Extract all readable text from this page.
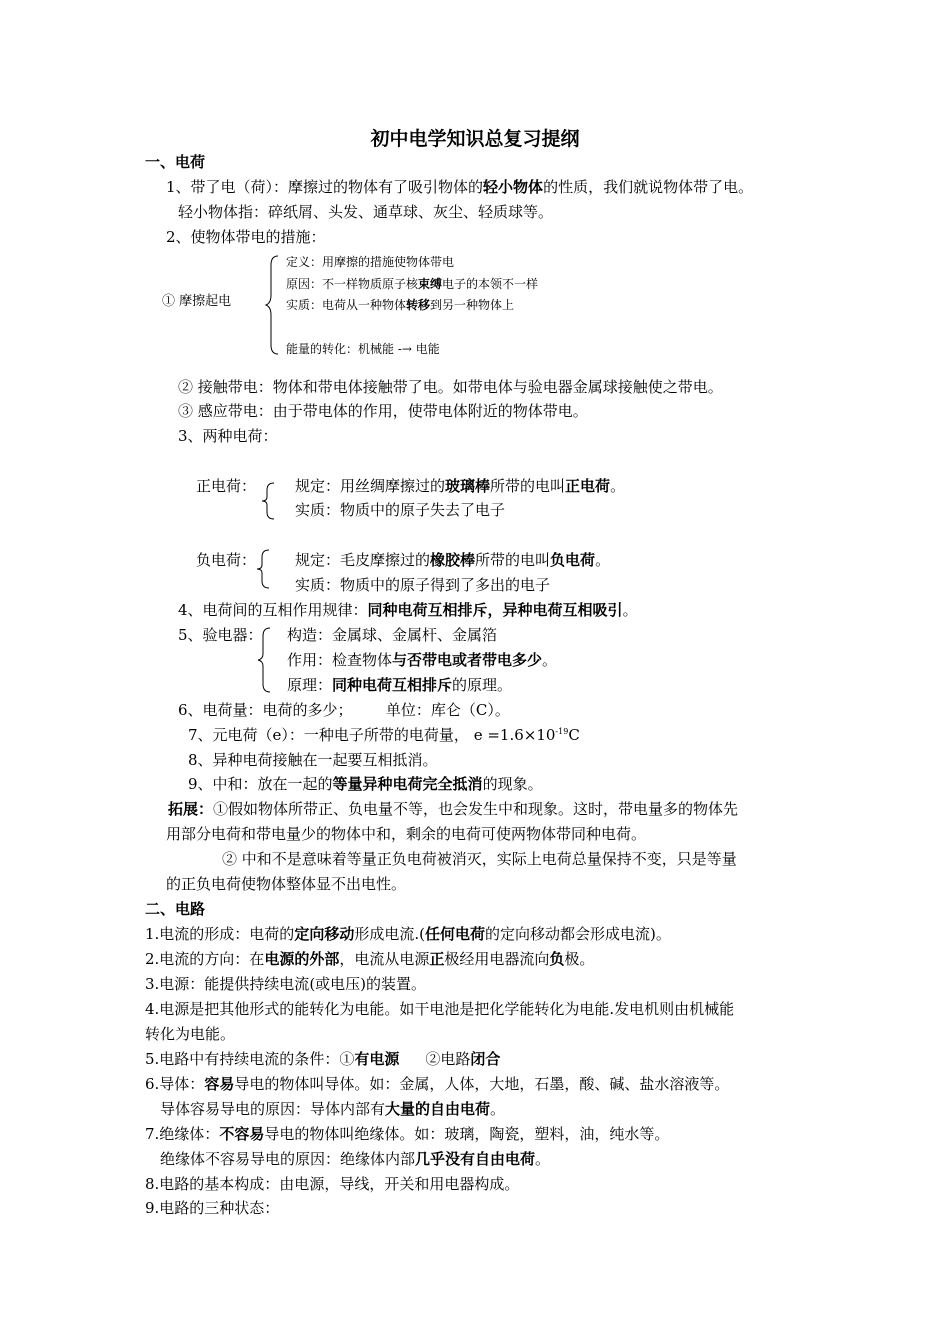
初中电学知识总复习提纲
一、电荷
1、带了电（荷）：摩擦过的物体有了吸引物体的轻小物体的性质，我们就说物体带了电。
轻小物体指：碎纸屑、头发、通草球、灰尘、轻质球等。
2、使物体带电的措施：
① 摩擦起电
定义：用摩擦的措施使物体带电
原因：不一样物质原子核束缚电子的本领不一样
实质：电荷从一种物体转移到另一种物体上
能量的转化：机械能 -→ 电能
② 接触带电：物体和带电体接触带了电。如带电体与验电器金属球接触使之带电。
③ 感应带电：由于带电体的作用，使带电体附近的物体带电。
3、两种电荷：
正电荷：	规定：用丝绸摩擦过的玻璃棒所带的电叫正电荷。
实质：物质中的原子失去了电子
负电荷：	规定：毛皮摩擦过的橡胶棒所带的电叫负电荷。
实质：物质中的原子得到了多出的电子
4、电荷间的互相作用规律：同种电荷互相排斥，异种电荷互相吸引。
5、验电器： 构造：金属球、金属杆、金属箔
作用：检查物体与否带电或者带电多少。
原理：同种电荷互相排斥的原理。
6、电荷量：电荷的多少；       单位：库仑（C）。
7、元电荷（e）：一种电子所带的电荷量， $e =1.6\times 10^{-19}C$
8、异种电荷接触在一起要互相抵消。
9、中和：放在一起的等量异种电荷完全抵消的现象。
拓展：①假如物体所带正、负电量不等，也会发生中和现象。这时，带电量多的物体先
用部分电荷和带电量少的物体中和，剩余的电荷可使两物体带同种电荷。
② 中和不是意味着等量正负电荷被消灭，实际上电荷总量保持不变，只是等量
的正负电荷使物体整体显不出电性。
二、电路
1.电流的形成：电荷的定向移动形成电流.(任何电荷的定向移动都会形成电流)。
2.电流的方向：在电源的外部，电流从电源正极经用电器流向负极。
3.电源：能提供持续电流(或电压)的装置。
4.电源是把其他形式的能转化为电能。如干电池是把化学能转化为电能.发电机则由机械能
转化为电能。
5.电路中有持续电流的条件：①有电源 ②电路闭合
6.导体：容易导电的物体叫导体。如：金属，人体，大地，石墨，酸、碱、盐水溶液等。
导体容易导电的原因：导体内部有大量的自由电荷。
7.绝缘体：不容易导电的物体叫绝缘体。如：玻璃，陶瓷，塑料，油，纯水等。
绝缘体不容易导电的原因：绝缘体内部几乎没有自由电荷。
8.电路的基本构成：由电源，导线，开关和用电器构成。
9.电路的三种状态：
